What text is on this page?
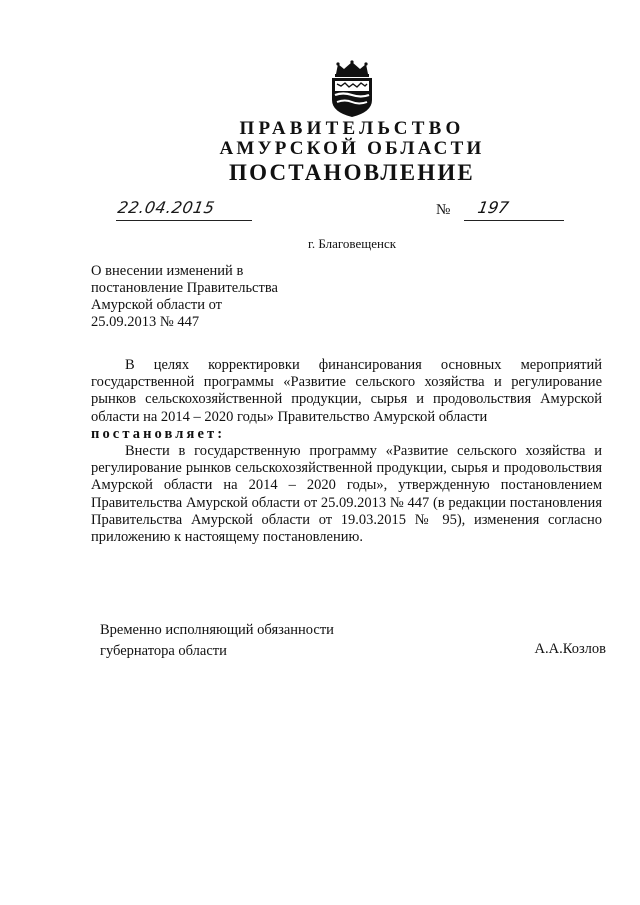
ПРАВИТЕЛЬСТВО
АМУРСКОЙ ОБЛАСТИ
ПОСТАНОВЛЕНИЕ
22.04.2015	№ 197
г. Благовещенск
О внесении изменений в
постановление Правительства
Амурской области от
25.09.2013 № 447
В целях корректировки финансирования основных мероприятий государственной программы «Развитие сельского хозяйства и регулирование рынков сельскохозяйственной продукции, сырья и продовольствия Амурской области на 2014 – 2020 годы» Правительство Амурской области
постановляет:
Внести в государственную программу «Развитие сельского хозяйства и регулирование рынков сельскохозяйственной продукции, сырья и продовольствия Амурской области на 2014 – 2020 годы», утвержденную постановлением Правительства Амурской области от 25.09.2013 № 447 (в редакции постановления Правительства Амурской области от 19.03.2015 № 95), изменения согласно приложению к настоящему постановлению.
Временно исполняющий обязанности
губернатора области	А.А.Козлов
